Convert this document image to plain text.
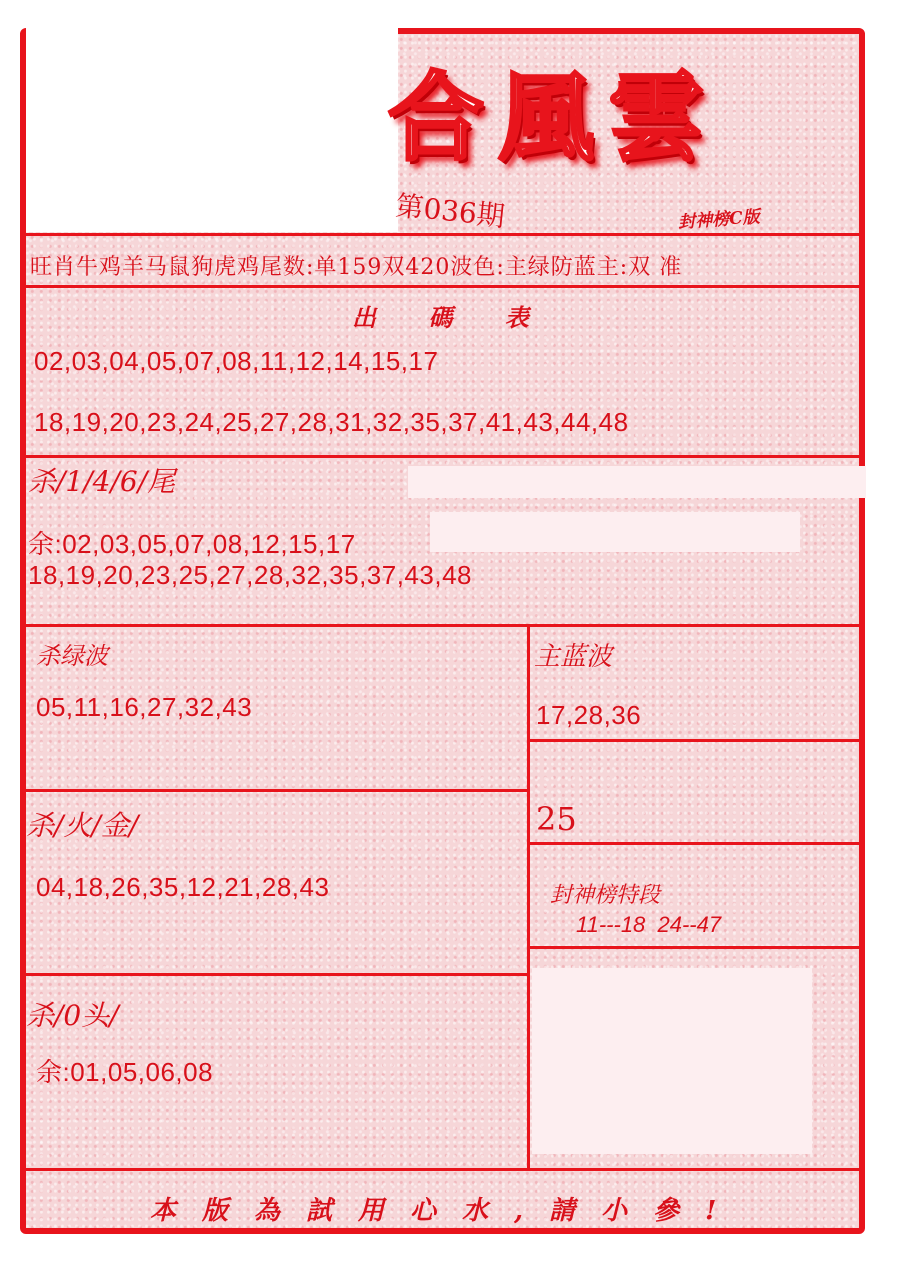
合風雲
第036期	封神榜C版
旺肖牛鸡羊马鼠狗虎鸡尾数:单159双420波色:主绿防蓝主:双 准
出 碼 表
02,03,04,05,07,08,11,12,14,15,17
18,19,20,23,24,25,27,28,31,32,35,37,41,43,44,48
杀/1/4/6/尾
余:02,03,05,07,08,12,15,17
18,19,20,23,25,27,28,32,35,37,43,48
杀绿波
05,11,16,27,32,43
主蓝波
17,28,36
杀/火/金/
04,18,26,35,12,21,28,43
25
封神榜特段
11---18  24--47
杀/0头/
余:01,05,06,08
本版為試用心水,請小參!
